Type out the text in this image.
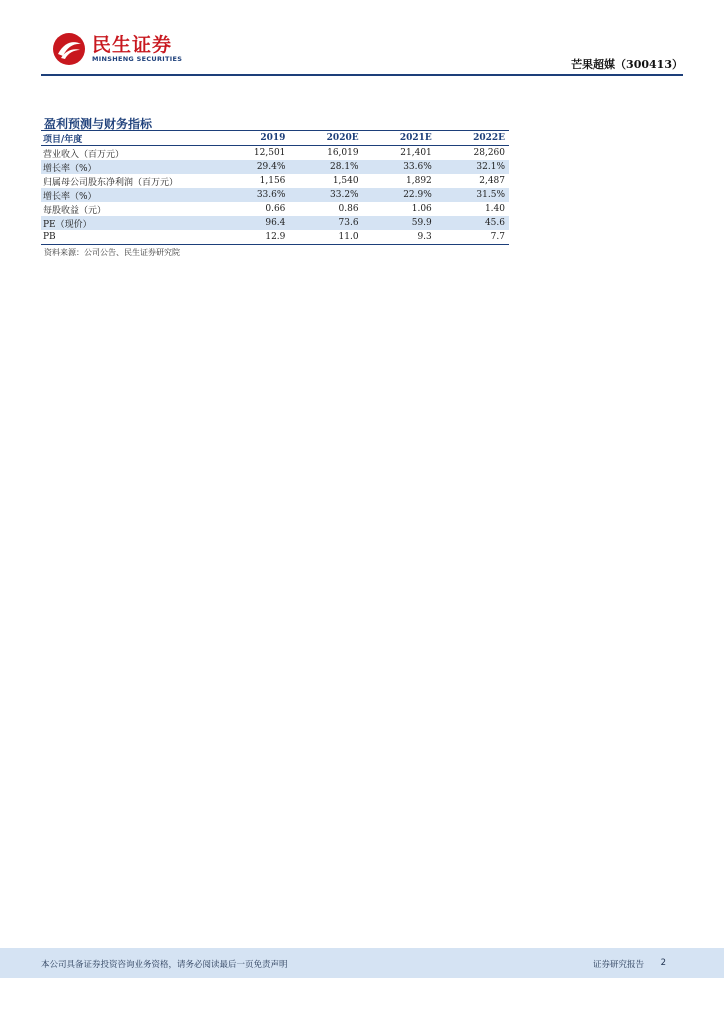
民生证券
MINSHENG SECURITIES	芒果超媒（300413）
盈利预测与财务指标
项目/年度	2019	2020E	2021E	2022E
营业收入（百万元）	12,501	16,019	21,401	28,260
增长率（%）	29.4%	28.1%	33.6%	32.1%
归属母公司股东净利润（百万元）	1,156	1,540	1,892	2,487
增长率（%）	33.6%	33.2%	22.9%	31.5%
每股收益（元）	0.66	0.86	1.06	1.40
PE（现价）	96.4	73.6	59.9	45.6
PB	12.9	11.0	9.3	7.7
资料来源：公司公告、民生证券研究院
本公司具备证券投资咨询业务资格，请务必阅读最后一页免责声明	证券研究报告 2
